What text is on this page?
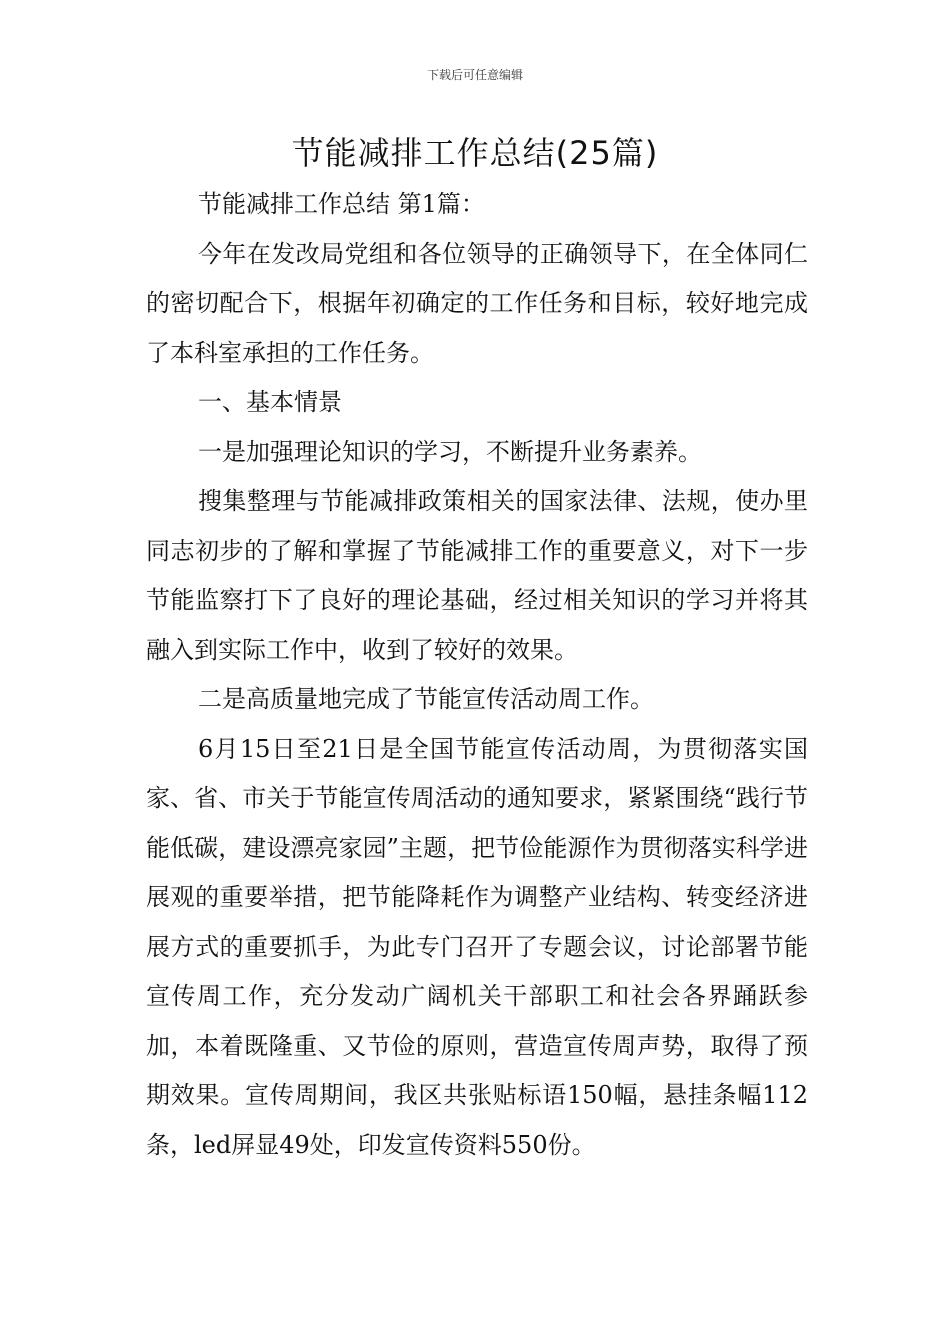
下载后可任意编辑
节能减排工作总结(25篇)

节能减排工作总结 第1篇：

今年在发改局党组和各位领导的正确领导下，在全体同仁的密切配合下，根据年初确定的工作任务和目标，较好地完成了本科室承担的工作任务。

一、基本情景

一是加强理论知识的学习，不断提升业务素养。

搜集整理与节能减排政策相关的国家法律、法规，使办里同志初步的了解和掌握了节能减排工作的重要意义，对下一步节能监察打下了良好的理论基础，经过相关知识的学习并将其融入到实际工作中，收到了较好的效果。

二是高质量地完成了节能宣传活动周工作。

6月15日至21日是全国节能宣传活动周，为贯彻落实国家、省、市关于节能宣传周活动的通知要求，紧紧围绕“践行节能低碳，建设漂亮家园”主题，把节俭能源作为贯彻落实科学进展观的重要举措，把节能降耗作为调整产业结构、转变经济进展方式的重要抓手，为此专门召开了专题会议，讨论部署节能宣传周工作，充分发动广阔机关干部职工和社会各界踊跃参加，本着既隆重、又节俭的原则，营造宣传周声势，取得了预期效果。宣传周期间，我区共张贴标语150幅，悬挂条幅112条，led屏显49处，印发宣传资料550份。
